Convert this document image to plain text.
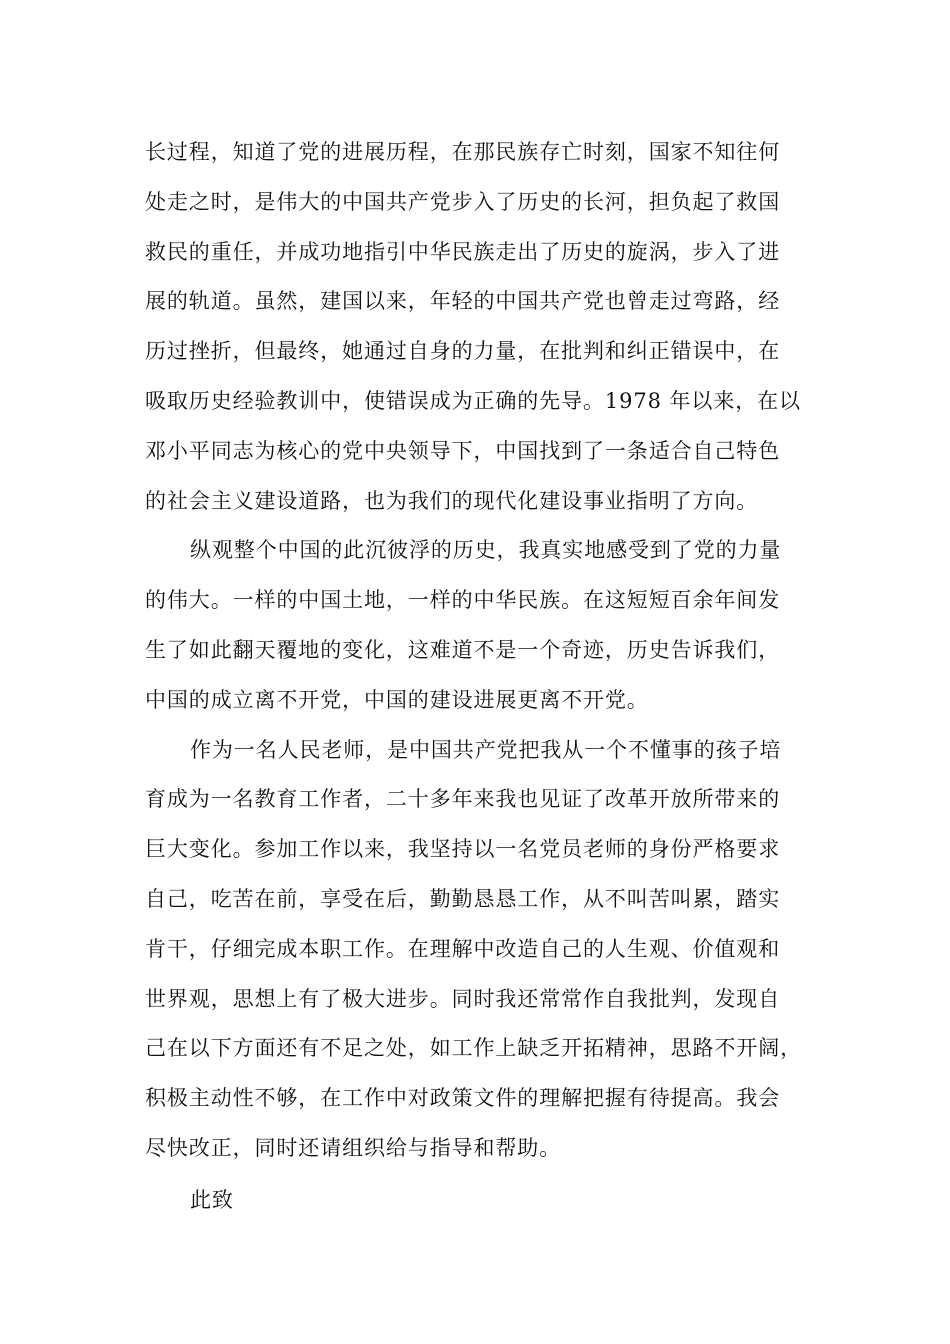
长过程，知道了党的进展历程，在那民族存亡时刻，国家不知往何
处走之时，是伟大的中国共产党步入了历史的长河，担负起了救国
救民的重任，并成功地指引中华民族走出了历史的旋涡，步入了进
展的轨道。虽然，建国以来，年轻的中国共产党也曾走过弯路，经
历过挫折，但最终，她通过自身的力量，在批判和纠正错误中，在
吸取历史经验教训中，使错误成为正确的先导。1978 年以来，在以
邓小平同志为核心的党中央领导下，中国找到了一条适合自己特色
的社会主义建设道路，也为我们的现代化建设事业指明了方向。
纵观整个中国的此沉彼浮的历史，我真实地感受到了党的力量
的伟大。一样的中国土地，一样的中华民族。在这短短百余年间发
生了如此翻天覆地的变化，这难道不是一个奇迹，历史告诉我们，
中国的成立离不开党，中国的建设进展更离不开党。
作为一名人民老师，是中国共产党把我从一个不懂事的孩子培
育成为一名教育工作者，二十多年来我也见证了改革开放所带来的
巨大变化。参加工作以来，我坚持以一名党员老师的身份严格要求
自己，吃苦在前，享受在后，勤勤恳恳工作，从不叫苦叫累，踏实
肯干，仔细完成本职工作。在理解中改造自己的人生观、价值观和
世界观，思想上有了极大进步。同时我还常常作自我批判，发现自
己在以下方面还有不足之处，如工作上缺乏开拓精神，思路不开阔，
积极主动性不够，在工作中对政策文件的理解把握有待提高。我会
尽快改正，同时还请组织给与指导和帮助。
此致
